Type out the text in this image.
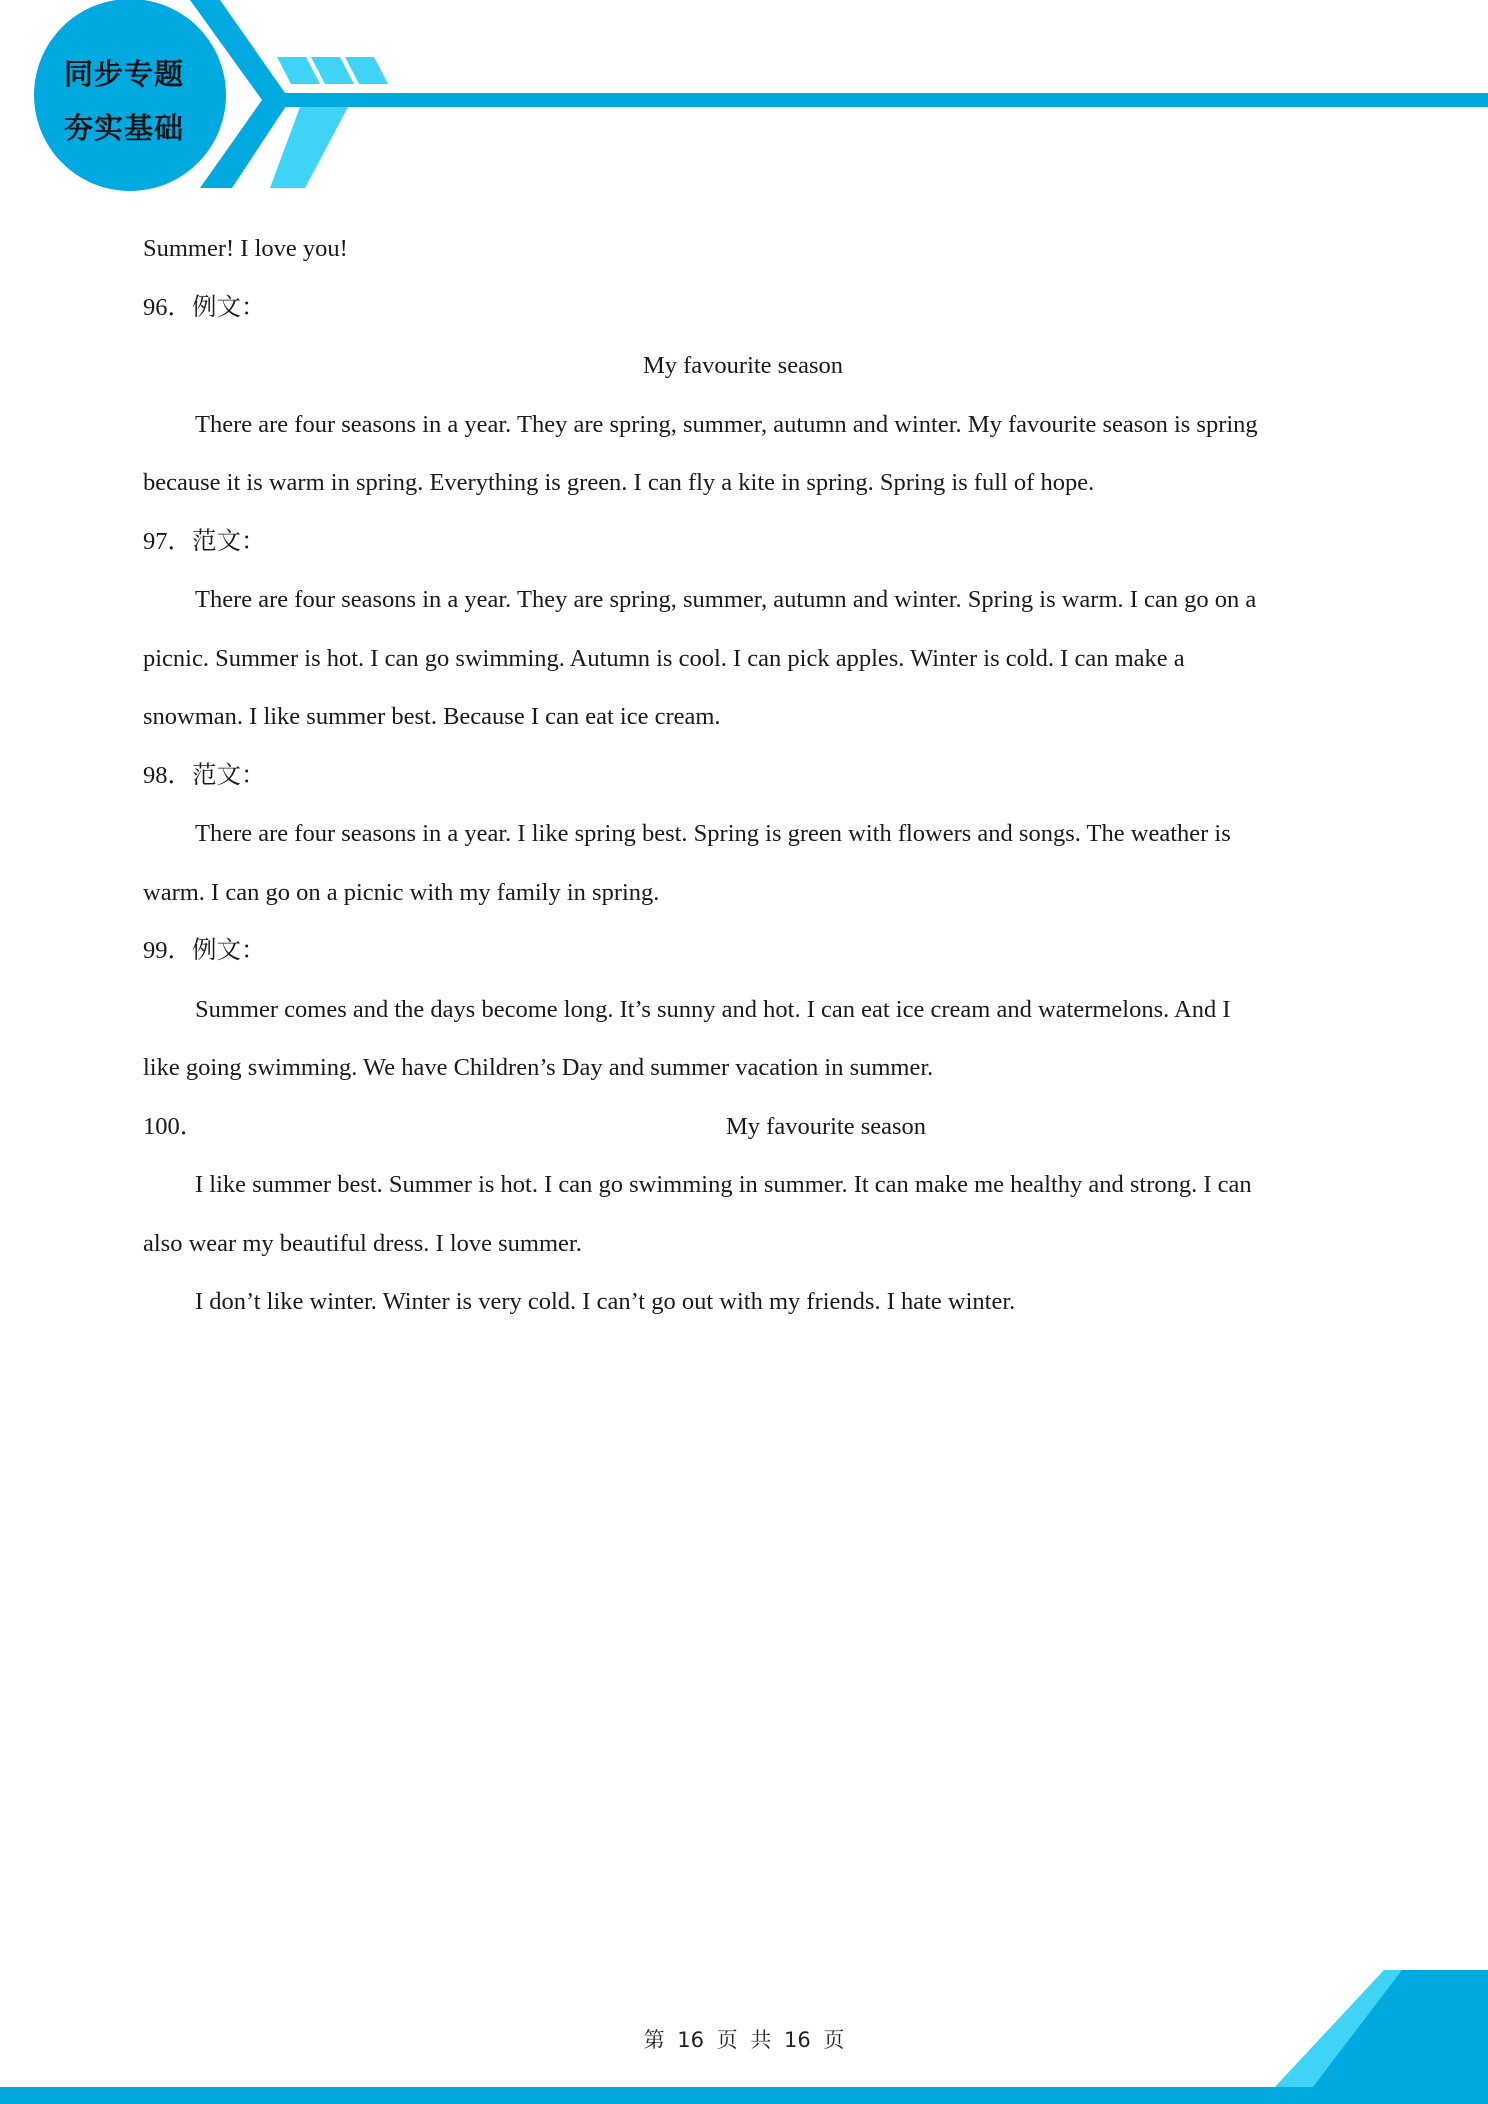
同步专题
夯实基础

Summer! I love you!

96．例文：

My favourite season

There are four seasons in a year. They are spring, summer, autumn and winter. My favourite season is spring

because it is warm in spring. Everything is green. I can fly a kite in spring. Spring is full of hope.

97．范文：

There are four seasons in a year. They are spring, summer, autumn and winter. Spring is warm. I can go on a

picnic. Summer is hot. I can go swimming. Autumn is cool. I can pick apples. Winter is cold. I can make a

snowman. I like summer best. Because I can eat ice cream.

98．范文：

There are four seasons in a year. I like spring best. Spring is green with flowers and songs. The weather is

warm. I can go on a picnic with my family in spring.

99．例文：

Summer comes and the days become long. It’s sunny and hot. I can eat ice cream and watermelons. And I

like going swimming. We have Children’s Day and summer vacation in summer.

100．	My favourite season

I like summer best. Summer is hot. I can go swimming in summer. It can make me healthy and strong. I can

also wear my beautiful dress. I love summer.

I don’t like winter. Winter is very cold. I can’t go out with my friends. I hate winter.

第 16 页 共 16 页
